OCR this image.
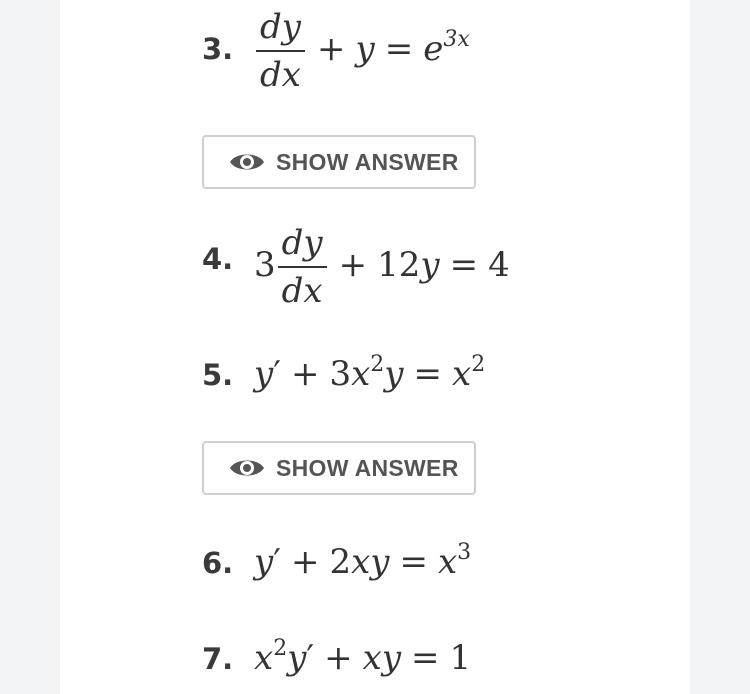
3. $\frac{dy}{dx} + y = e^{3x}$
SHOW ANSWER
4. $3 \frac{dy}{dx} + 12y = 4$
5. $y' + 3x^2y = x^2$
SHOW ANSWER
6. $y' + 2xy = x^3$
7. $x^2y'$ + xy = 1
